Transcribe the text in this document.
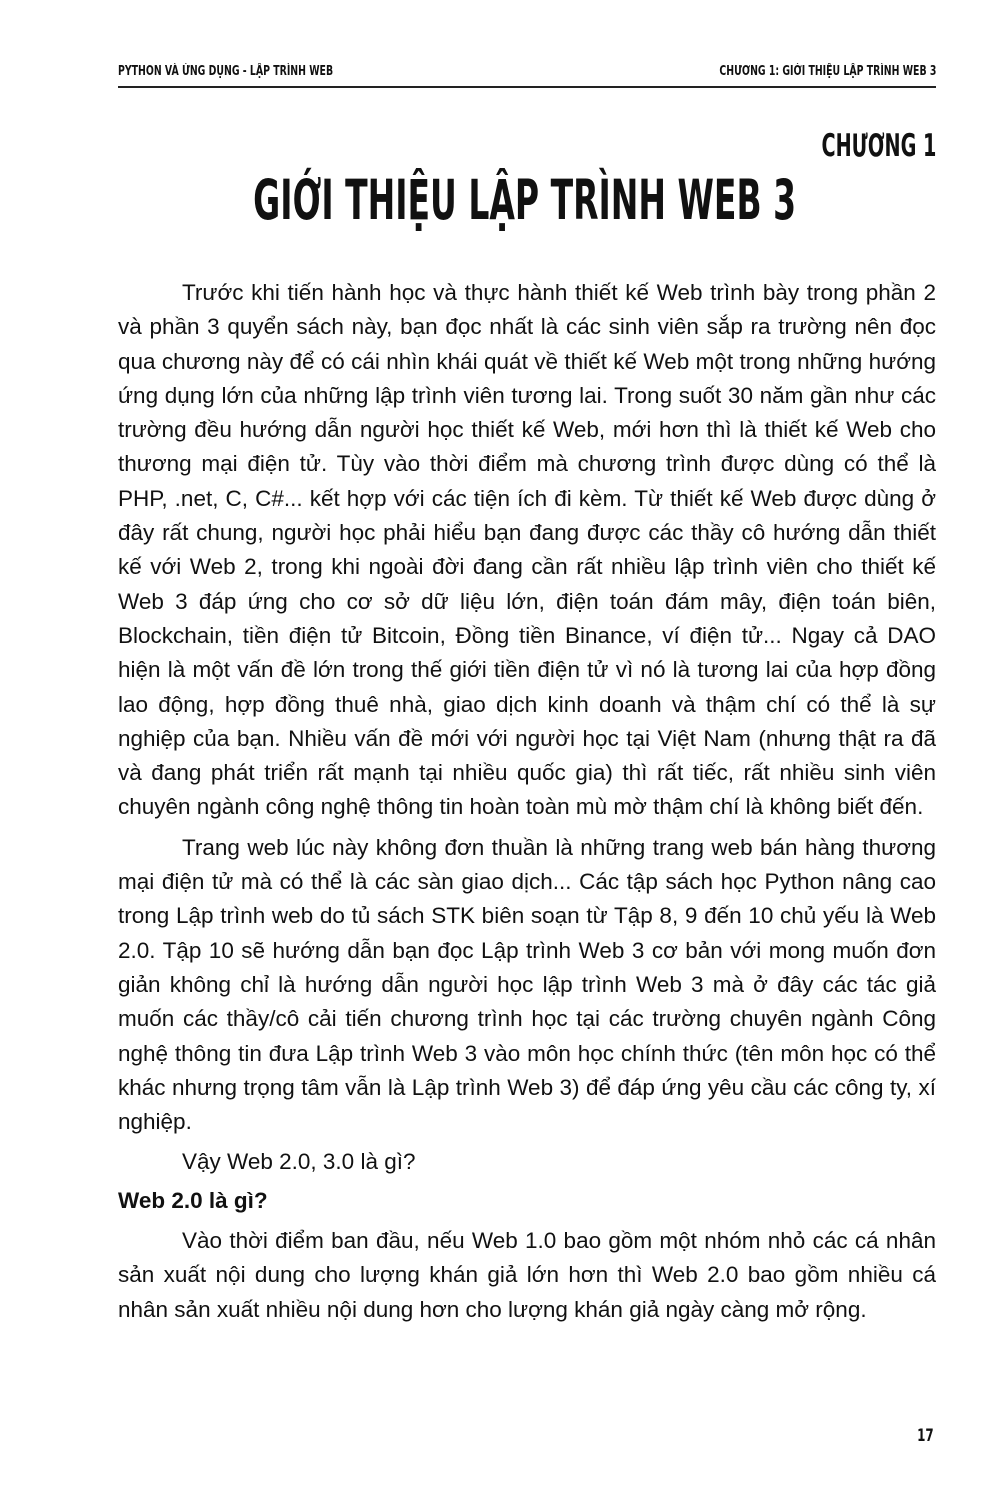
PYTHON VÀ ỨNG DỤNG - LẬP TRÌNH WEB	CHƯƠNG 1: GIỚI THIỆU LẬP TRÌNH WEB 3
CHƯƠNG 1
GIỚI THIỆU LẬP TRÌNH WEB 3

Trước khi tiến hành học và thực hành thiết kế Web trình bày trong phần 2 và phần 3 quyển sách này, bạn đọc nhất là các sinh viên sắp ra trường nên đọc qua chương này để có cái nhìn khái quát về thiết kế Web một trong những hướng ứng dụng lớn của những lập trình viên tương lai. Trong suốt 30 năm gần như các trường đều hướng dẫn người học thiết kế Web, mới hơn thì là thiết kế Web cho thương mại điện tử. Tùy vào thời điểm mà chương trình được dùng có thể là PHP, .net, C, C#... kết hợp với các tiện ích đi kèm. Từ thiết kế Web được dùng ở đây rất chung, người học phải hiểu bạn đang được các thầy cô hướng dẫn thiết kế với Web 2, trong khi ngoài đời đang cần rất nhiều lập trình viên cho thiết kế Web 3 đáp ứng cho cơ sở dữ liệu lớn, điện toán đám mây, điện toán biên, Blockchain, tiền điện tử Bitcoin, Đồng tiền Binance, ví điện tử... Ngay cả DAO hiện là một vấn đề lớn trong thế giới tiền điện tử vì nó là tương lai của hợp đồng lao động, hợp đồng thuê nhà, giao dịch kinh doanh và thậm chí có thể là sự nghiệp của bạn. Nhiều vấn đề mới với người học tại Việt Nam (nhưng thật ra đã và đang phát triển rất mạnh tại nhiều quốc gia) thì rất tiếc, rất nhiều sinh viên chuyên ngành công nghệ thông tin hoàn toàn mù mờ thậm chí là không biết đến.

Trang web lúc này không đơn thuần là những trang web bán hàng thương mại điện tử mà có thể là các sàn giao dịch... Các tập sách học Python nâng cao trong Lập trình web do tủ sách STK biên soạn từ Tập 8, 9 đến 10 chủ yếu là Web 2.0. Tập 10 sẽ hướng dẫn bạn đọc Lập trình Web 3 cơ bản với mong muốn đơn giản không chỉ là hướng dẫn người học lập trình Web 3 mà ở đây các tác giả muốn các thầy/cô cải tiến chương trình học tại các trường chuyên ngành Công nghệ thông tin đưa Lập trình Web 3 vào môn học chính thức (tên môn học có thể khác nhưng trọng tâm vẫn là Lập trình Web 3) để đáp ứng yêu cầu các công ty, xí nghiệp.

Vậy Web 2.0, 3.0 là gì?

Web 2.0 là gì?

Vào thời điểm ban đầu, nếu Web 1.0 bao gồm một nhóm nhỏ các cá nhân sản xuất nội dung cho lượng khán giả lớn hơn thì Web 2.0 bao gồm nhiều cá nhân sản xuất nhiều nội dung hơn cho lượng khán giả ngày càng mở rộng.

17
